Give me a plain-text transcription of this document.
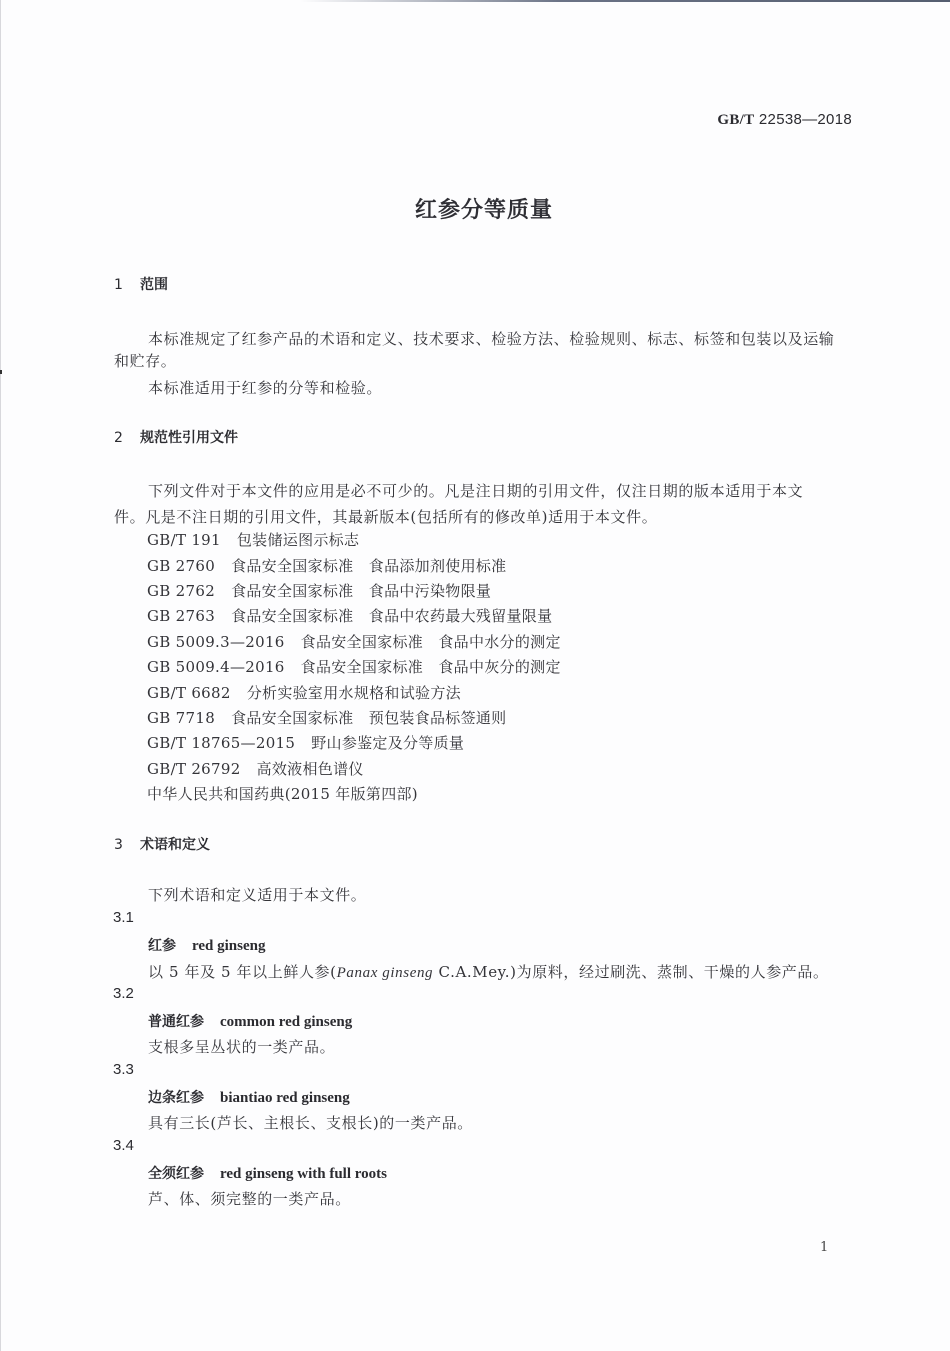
GB/T 22538—2018
红参分等质量
1 范围
本标准规定了红参产品的术语和定义、技术要求、检验方法、检验规则、标志、标签和包装以及运输
和贮存。
本标准适用于红参的分等和检验。
2 规范性引用文件
下列文件对于本文件的应用是必不可少的。凡是注日期的引用文件，仅注日期的版本适用于本文
件。凡是不注日期的引用文件，其最新版本(包括所有的修改单)适用于本文件。
GB/T 191 包装储运图示标志
GB 2760 食品安全国家标准　食品添加剂使用标准
GB 2762 食品安全国家标准　食品中污染物限量
GB 2763 食品安全国家标准　食品中农药最大残留量限量
GB 5009.3—2016 食品安全国家标准　食品中水分的测定
GB 5009.4—2016 食品安全国家标准　食品中灰分的测定
GB/T 6682 分析实验室用水规格和试验方法
GB 7718 食品安全国家标准　预包装食品标签通则
GB/T 18765—2015 野山参鉴定及分等质量
GB/T 26792 高效液相色谱仪
中华人民共和国药典(2015 年版第四部)
3 术语和定义
下列术语和定义适用于本文件。
3.1
红参 red ginseng
以 5 年及 5 年以上鲜人参(Panax ginseng C.A.Mey.)为原料，经过刷洗、蒸制、干燥的人参产品。
3.2
普通红参 common red ginseng
支根多呈丛状的一类产品。
3.3
边条红参 biantiao red ginseng
具有三长(芦长、主根长、支根长)的一类产品。
3.4
全须红参 red ginseng with full roots
芦、体、须完整的一类产品。
1
